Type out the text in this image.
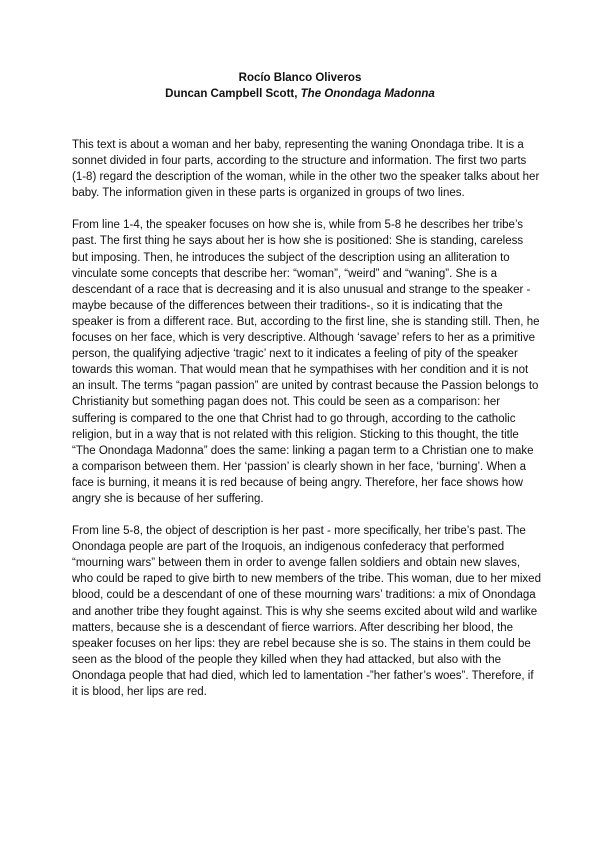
Rocío Blanco Oliveros
Duncan Campbell Scott, The Onondaga Madonna

This text is about a woman and her baby, representing the waning Onondaga tribe. It is a sonnet divided in four parts, according to the structure and information. The first two parts (1-8) regard the description of the woman, while in the other two the speaker talks about her baby. The information given in these parts is organized in groups of two lines.

From line 1-4, the speaker focuses on how she is, while from 5-8 he describes her tribe’s past. The first thing he says about her is how she is positioned: She is standing, careless but imposing. Then, he introduces the subject of the description using an alliteration to vinculate some concepts that describe her: “woman”, “weird” and “waning”. She is a descendant of a race that is decreasing and it is also unusual and strange to the speaker -maybe because of the differences between their traditions-, so it is indicating that the speaker is from a different race. But, according to the first line, she is standing still. Then, he focuses on her face, which is very descriptive. Although ‘savage’ refers to her as a primitive person, the qualifying adjective ‘tragic’ next to it indicates a feeling of pity of the speaker towards this woman. That would mean that he sympathises with her condition and it is not an insult. The terms “pagan passion” are united by contrast because the Passion belongs to Christianity but something pagan does not. This could be seen as a comparison: her suffering is compared to the one that Christ had to go through, according to the catholic religion, but in a way that is not related with this religion. Sticking to this thought, the title “The Onondaga Madonna” does the same: linking a pagan term to a Christian one to make a comparison between them. Her ‘passion’ is clearly shown in her face, ‘burning’. When a face is burning, it means it is red because of being angry. Therefore, her face shows how angry she is because of her suffering.

From line 5-8, the object of description is her past - more specifically, her tribe’s past. The Onondaga people are part of the Iroquois, an indigenous confederacy that performed “mourning wars” between them in order to avenge fallen soldiers and obtain new slaves, who could be raped to give birth to new members of the tribe. This woman, due to her mixed blood, could be a descendant of one of these mourning wars’ traditions: a mix of Onondaga and another tribe they fought against. This is why she seems excited about wild and warlike matters, because she is a descendant of fierce warriors. After describing her blood, the speaker focuses on her lips: they are rebel because she is so. The stains in them could be seen as the blood of the people they killed when they had attacked, but also with the Onondaga people that had died, which led to lamentation -”her father’s woes”. Therefore, if it is blood, her lips are red.
